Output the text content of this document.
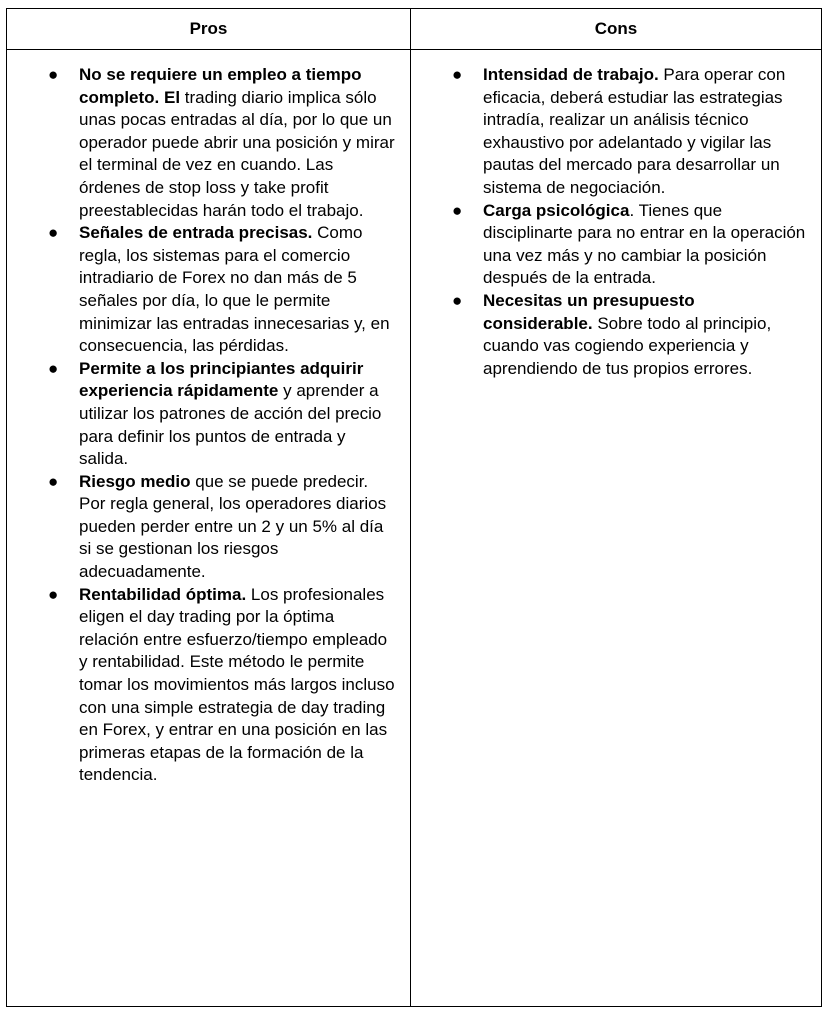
Pros	Cons
● No se requiere un empleo a tiempo completo. El trading diario implica sólo unas pocas entradas al día, por lo que un operador puede abrir una posición y mirar el terminal de vez en cuando. Las órdenes de stop loss y take profit preestablecidas harán todo el trabajo.
● Señales de entrada precisas. Como regla, los sistemas para el comercio intradiario de Forex no dan más de 5 señales por día, lo que le permite minimizar las entradas innecesarias y, en consecuencia, las pérdidas.
● Permite a los principiantes adquirir experiencia rápidamente y aprender a utilizar los patrones de acción del precio para definir los puntos de entrada y salida.
● Riesgo medio que se puede predecir. Por regla general, los operadores diarios pueden perder entre un 2 y un 5% al día si se gestionan los riesgos adecuadamente.
● Rentabilidad óptima. Los profesionales eligen el day trading por la óptima relación entre esfuerzo/tiempo empleado y rentabilidad. Este método le permite tomar los movimientos más largos incluso con una simple estrategia de day trading en Forex, y entrar en una posición en las primeras etapas de la formación de la tendencia.
● Intensidad de trabajo. Para operar con eficacia, deberá estudiar las estrategias intradía, realizar un análisis técnico exhaustivo por adelantado y vigilar las pautas del mercado para desarrollar un sistema de negociación.
● Carga psicológica. Tienes que disciplinarte para no entrar en la operación una vez más y no cambiar la posición después de la entrada.
● Necesitas un presupuesto considerable. Sobre todo al principio, cuando vas cogiendo experiencia y aprendiendo de tus propios errores.
